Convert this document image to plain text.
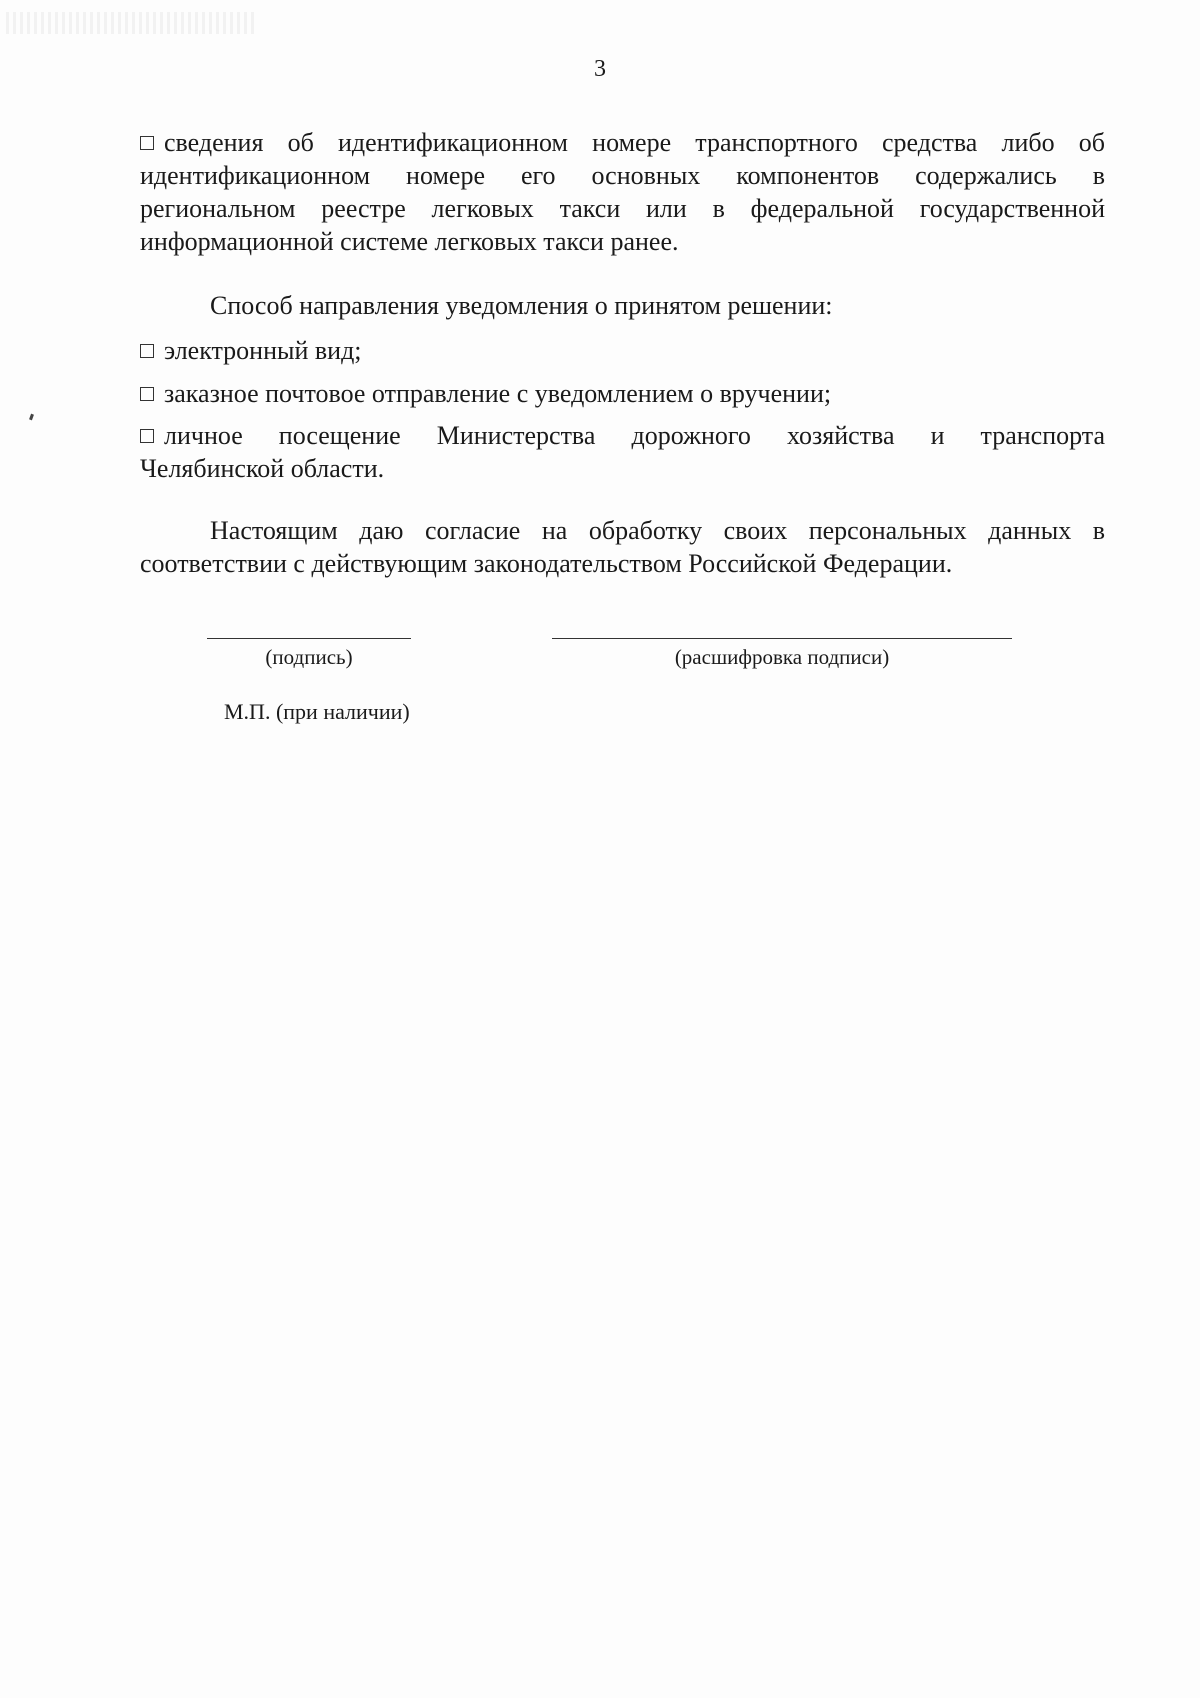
3
сведения об идентификационном номере транспортного средства либо об
идентификационном номере его основных компонентов содержались в
региональном реестре легковых такси или в федеральной государственной
информационной системе легковых такси ранее.
Способ направления уведомления о принятом решении:
электронный вид;
заказное почтовое отправление с уведомлением о вручении;
личное посещение Министерства дорожного хозяйства и транспорта
Челябинской области.
Настоящим даю согласие на обработку своих персональных данных в
соответствии с действующим законодательством Российской Федерации.
(подпись)	(расшифровка подписи)
М.П. (при наличии)
